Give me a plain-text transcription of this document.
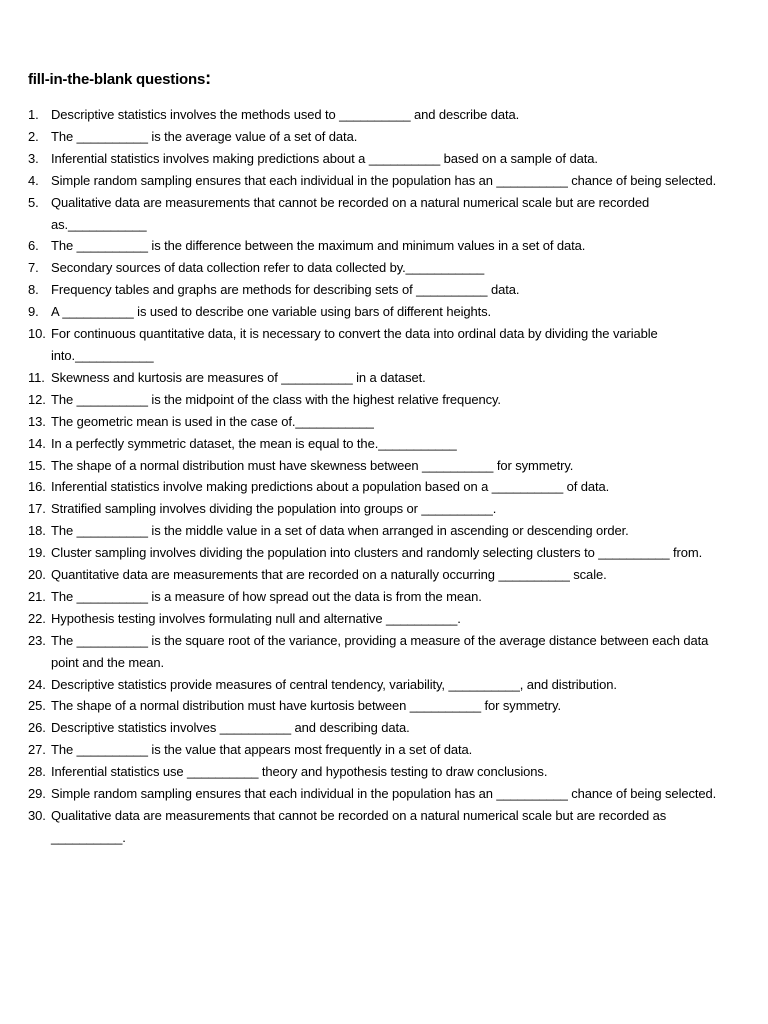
fill-in-the-blank questions:
1. Descriptive statistics involves the methods used to __________ and describe data.
2. The __________ is the average value of a set of data.
3. Inferential statistics involves making predictions about a __________ based on a sample of data.
4. Simple random sampling ensures that each individual in the population has an __________ chance of being selected.
5. Qualitative data are measurements that cannot be recorded on a natural numerical scale but are recorded as.___________
6. The __________ is the difference between the maximum and minimum values in a set of data.
7. Secondary sources of data collection refer to data collected by.___________
8. Frequency tables and graphs are methods for describing sets of __________ data.
9. A __________ is used to describe one variable using bars of different heights.
10. For continuous quantitative data, it is necessary to convert the data into ordinal data by dividing the variable into.___________
11. Skewness and kurtosis are measures of __________ in a dataset.
12. The __________ is the midpoint of the class with the highest relative frequency.
13. The geometric mean is used in the case of.___________
14. In a perfectly symmetric dataset, the mean is equal to the.___________
15. The shape of a normal distribution must have skewness between __________ for symmetry.
16. Inferential statistics involve making predictions about a population based on a __________ of data.
17. Stratified sampling involves dividing the population into groups or __________.
18. The __________ is the middle value in a set of data when arranged in ascending or descending order.
19. Cluster sampling involves dividing the population into clusters and randomly selecting clusters to __________ from.
20. Quantitative data are measurements that are recorded on a naturally occurring __________ scale.
21. The __________ is a measure of how spread out the data is from the mean.
22. Hypothesis testing involves formulating null and alternative __________.
23. The __________ is the square root of the variance, providing a measure of the average distance between each data point and the mean.
24. Descriptive statistics provide measures of central tendency, variability, __________, and distribution.
25. The shape of a normal distribution must have kurtosis between __________ for symmetry.
26. Descriptive statistics involves __________ and describing data.
27. The __________ is the value that appears most frequently in a set of data.
28. Inferential statistics use __________ theory and hypothesis testing to draw conclusions.
29. Simple random sampling ensures that each individual in the population has an __________ chance of being selected.
30. Qualitative data are measurements that cannot be recorded on a natural numerical scale but are recorded as __________.
